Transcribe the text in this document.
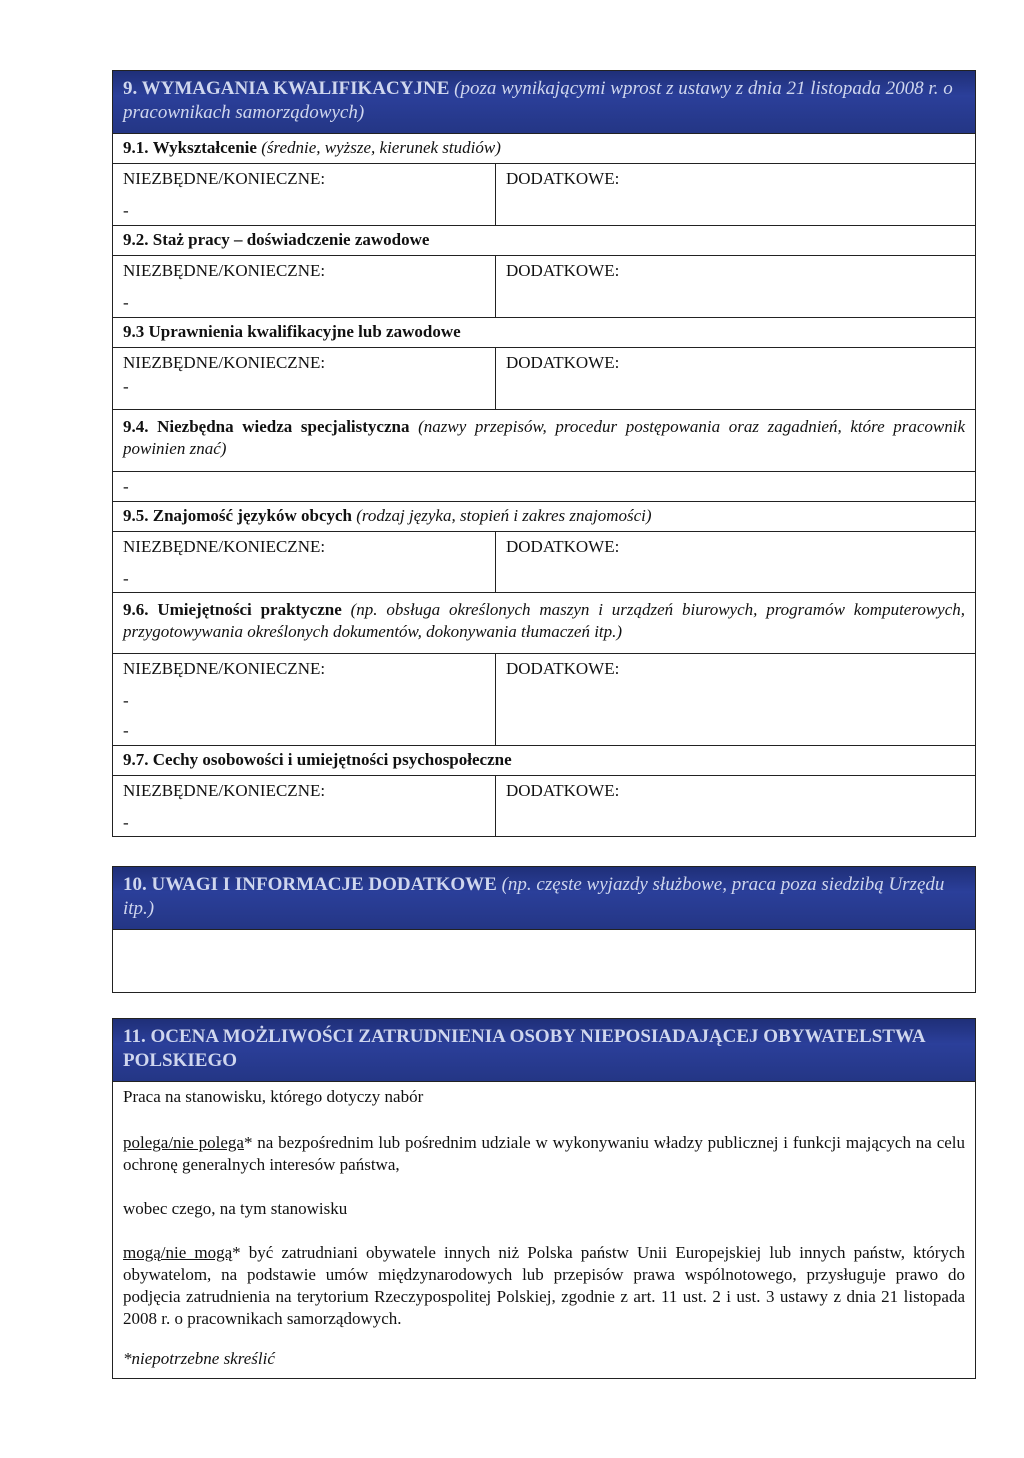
9. WYMAGANIA KWALIFIKACYJNE (poza wynikającymi wprost z ustawy z dnia 21 listopada 2008 r. o pracownikach samorządowych)
9.1. Wykształcenie (średnie, wyższe, kierunek studiów)
NIEZBĘDNE/KONIECZNE:
-
DODATKOWE:
9.2. Staż pracy – doświadczenie zawodowe
NIEZBĘDNE/KONIECZNE:
-
DODATKOWE:
9.3 Uprawnienia kwalifikacyjne lub zawodowe
NIEZBĘDNE/KONIECZNE:
-
DODATKOWE:
9.4. Niezbędna wiedza specjalistyczna (nazwy przepisów, procedur postępowania oraz zagadnień, które pracownik powinien znać)
-
9.5. Znajomość języków obcych (rodzaj języka, stopień i zakres znajomości)
NIEZBĘDNE/KONIECZNE:
-
DODATKOWE:
9.6. Umiejętności praktyczne (np. obsługa określonych maszyn i urządzeń biurowych, programów komputerowych, przygotowywania określonych dokumentów, dokonywania tłumaczeń itp.)
NIEZBĘDNE/KONIECZNE:
-
-
DODATKOWE:
9.7. Cechy osobowości i umiejętności psychospołeczne
NIEZBĘDNE/KONIECZNE:
-
DODATKOWE:
10. UWAGI I INFORMACJE DODATKOWE (np. częste wyjazdy służbowe, praca poza siedzibą Urzędu itp.)
11. OCENA MOŻLIWOŚCI ZATRUDNIENIA OSOBY NIEPOSIADAJĄCEJ OBYWATELSTWA POLSKIEGO

Praca na stanowisku, którego dotyczy nabór

polega/nie polega* na bezpośrednim lub pośrednim udziale w wykonywaniu władzy publicznej i funkcji mających na celu ochronę generalnych interesów państwa,

wobec czego, na tym stanowisku

mogą/nie mogą* być zatrudniani obywatele innych niż Polska państw Unii Europejskiej lub innych państw, których obywatelom, na podstawie umów międzynarodowych lub przepisów prawa wspólnotowego, przysługuje prawo do podjęcia zatrudnienia na terytorium Rzeczypospolitej Polskiej, zgodnie z art. 11 ust. 2 i ust. 3 ustawy z dnia 21 listopada 2008 r. o pracownikach samorządowych.

*niepotrzebne skreślić
